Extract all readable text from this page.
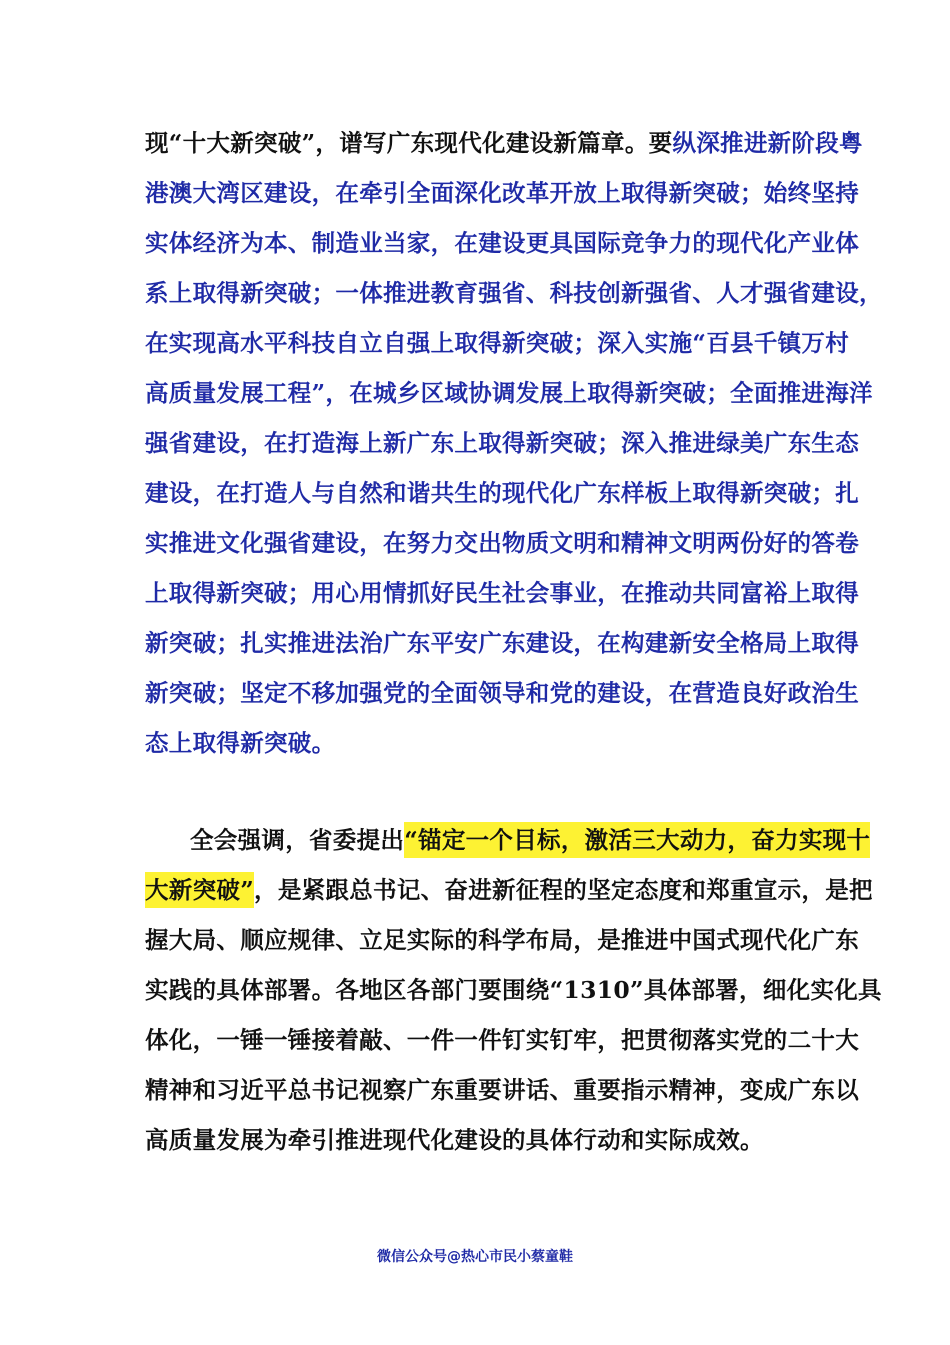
现“十大新突破”，谱写广东现代化建设新篇章。要纵深推进新阶段粤
港澳大湾区建设，在牵引全面深化改革开放上取得新突破；始终坚持
实体经济为本、制造业当家，在建设更具国际竞争力的现代化产业体
系上取得新突破；一体推进教育强省、科技创新强省、人才强省建设，
在实现高水平科技自立自强上取得新突破；深入实施“百县千镇万村
高质量发展工程”，在城乡区域协调发展上取得新突破；全面推进海洋
强省建设，在打造海上新广东上取得新突破；深入推进绿美广东生态
建设，在打造人与自然和谐共生的现代化广东样板上取得新突破；扎
实推进文化强省建设，在努力交出物质文明和精神文明两份好的答卷
上取得新突破；用心用情抓好民生社会事业，在推动共同富裕上取得
新突破；扎实推进法治广东平安广东建设，在构建新安全格局上取得
新突破；坚定不移加强党的全面领导和党的建设，在营造良好政治生
态上取得新突破。
全会强调，省委提出“锚定一个目标，激活三大动力，奋力实现十
大新突破”，是紧跟总书记、奋进新征程的坚定态度和郑重宣示，是把
握大局、顺应规律、立足实际的科学布局，是推进中国式现代化广东
实践的具体部署。各地区各部门要围绕“1310”具体部署，细化实化具
体化，一锤一锤接着敲、一件一件钉实钉牢，把贯彻落实党的二十大
精神和习近平总书记视察广东重要讲话、重要指示精神，变成广东以
高质量发展为牵引推进现代化建设的具体行动和实际成效。
微信公众号@热心市民小蔡童鞋
